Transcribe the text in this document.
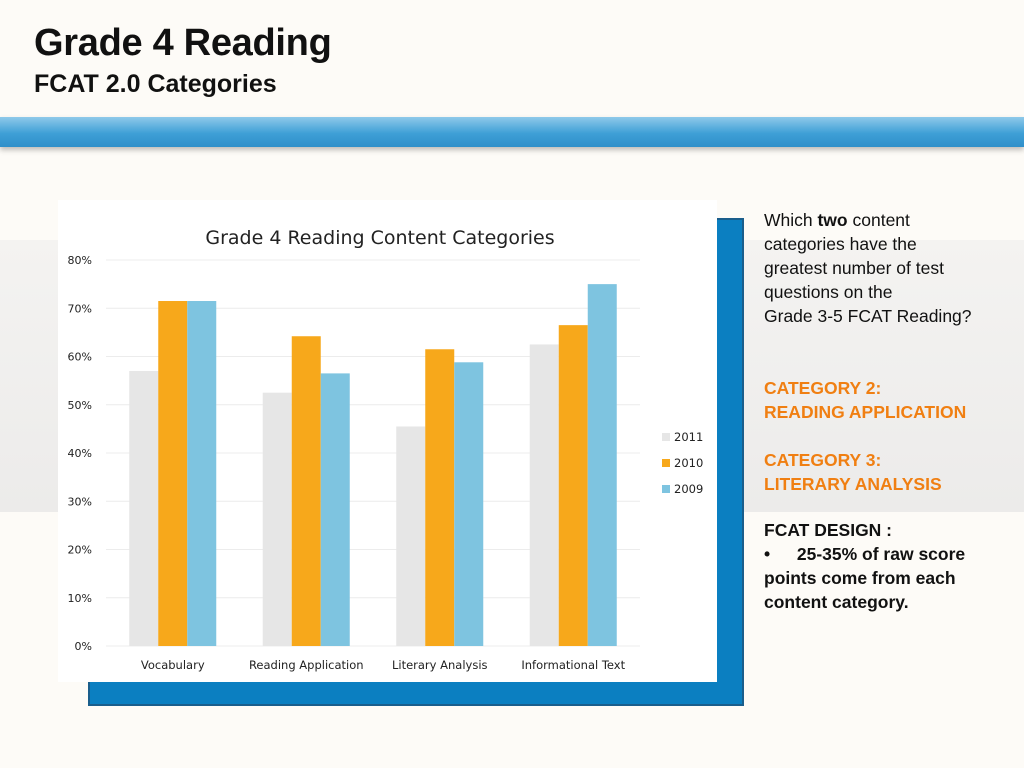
Grade 4 Reading
FCAT 2.0 Categories
Grade 4 Reading Content Categories
0%
10%
20%
30%
40%
50%
60%
70%
80%
Vocabulary	Reading Application Literary Analysis	Informational Text
2011
2010
2009
Which two content
categories have the
greatest number of test
questions on the
Grade 3-5 FCAT Reading?
CATEGORY 2:
READING APPLICATION
CATEGORY 3:
LITERARY ANALYSIS
FCAT DESIGN :
• 25-35% of raw score points come from each content category.
